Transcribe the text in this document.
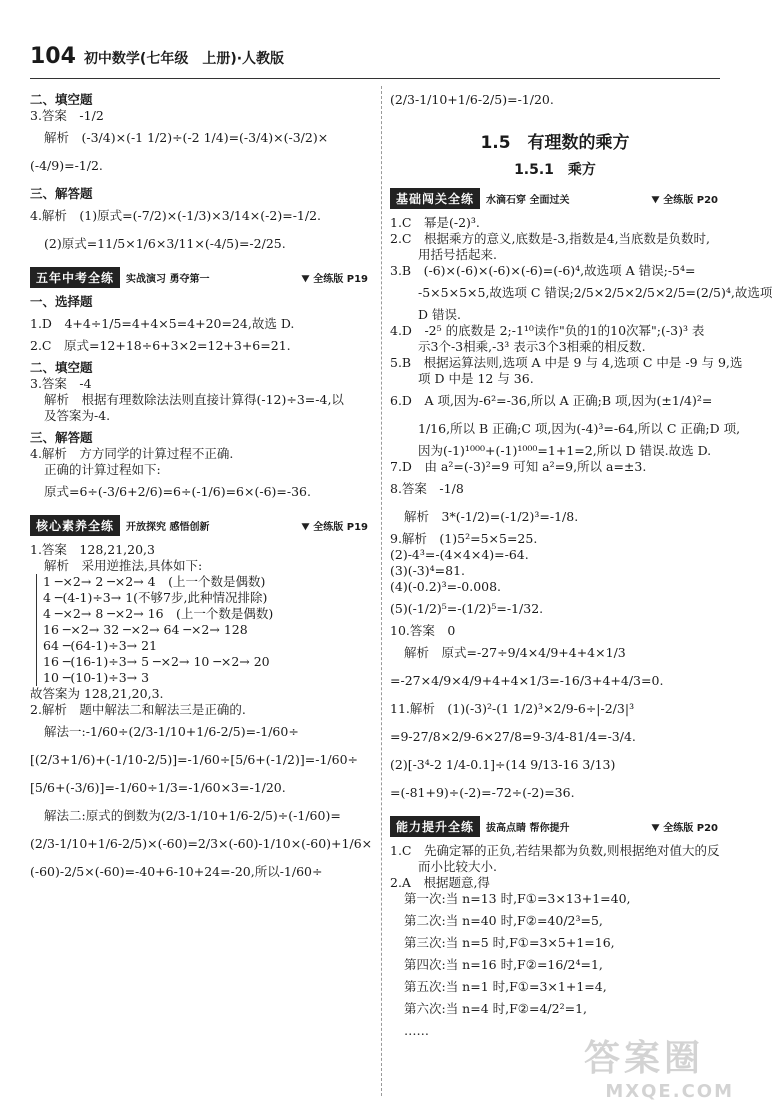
104 初中数学(七年级　上册)·人教版

二、填空题

3.答案　-1/2

解析　(-3/4)×(-1 1/2)÷(-2 1/4)=(-3/4)×(-3/2)×

(-4/9)=-1/2.

三、解答题

4.解析　(1)原式=(-7/2)×(-1/3)×3/14×(-2)=-1/2.

(2)原式=11/5×1/6×3/11×(-4/5)=-2/25.

五年中考全练	实战演习 勇夺第一	全练版 P19

一、选择题

1.D　4+4÷1/5=4+4×5=4+20=24,故选 D.

2.C　原式=12+18÷6+3×2=12+3+6=21.

二、填空题

3.答案　-4

解析　根据有理数除法法则直接计算得(-12)÷3=-4,以

及答案为-4.

三、解答题

4.解析　方方同学的计算过程不正确.

正确的计算过程如下:

原式=6÷(-3/6+2/6)=6÷(-1/6)=6×(-6)=-36.

核心素养全练	开放探究 感悟创新	全练版 P19

1.答案　128,21,20,3

解析　采用逆推法,具体如下:

1 ─×2→ 2 ─×2→ 4　(上一个数是偶数)

4 ─(4-1)÷3→ 1(不够7步,此种情况排除)

4 ─×2→ 8 ─×2→ 16　(上一个数是偶数)

16 ─×2→ 32 ─×2→ 64 ─×2→ 128

64 ─(64-1)÷3→ 21

16 ─(16-1)÷3→ 5 ─×2→ 10 ─×2→ 20

10 ─(10-1)÷3→ 3

故答案为 128,21,20,3.

2.解析　题中解法二和解法三是正确的.

解法一:-1/60÷(2/3-1/10+1/6-2/5)=-1/60÷

[(2/3+1/6)+(-1/10-2/5)]=-1/60÷[5/6+(-1/2)]=-1/60÷

[5/6+(-3/6)]=-1/60÷1/3=-1/60×3=-1/20.

解法二:原式的倒数为(2/3-1/10+1/6-2/5)÷(-1/60)=

(2/3-1/10+1/6-2/5)×(-60)=2/3×(-60)-1/10×(-60)+1/6×

(-60)-2/5×(-60)=-40+6-10+24=-20,所以-1/60÷

(2/3-1/10+1/6-2/5)=-1/20.

1.5　有理数的乘方

1.5.1　乘方

基础闯关全练	水滴石穿 全面过关	全练版 P20

1.C　幂是(-2)³.

2.C　根据乘方的意义,底数是-3,指数是4,当底数是负数时,

用括号括起来.

3.B　(-6)×(-6)×(-6)×(-6)=(-6)⁴,故选项 A 错误;-5⁴=

-5×5×5×5,故选项 C 错误;2/5×2/5×2/5×2/5=(2/5)⁴,故选项

D 错误.

4.D　-2⁵ 的底数是 2;-1¹⁰读作"负的1的10次幂";(-3)³ 表

示3个-3相乘,-3³ 表示3个3相乘的相反数.

5.B　根据运算法则,选项 A 中是 9 与 4,选项 C 中是 -9 与 9,选

项 D 中是 12 与 36.

6.D　A 项,因为-6²=-36,所以 A 正确;B 项,因为(±1/4)²=

1/16,所以 B 正确;C 项,因为(-4)³=-64,所以 C 正确;D 项,

因为(-1)¹⁰⁰⁰+(-1)¹⁰⁰⁰=1+1=2,所以 D 错误.故选 D.

7.D　由 a²=(-3)²=9 可知 a²=9,所以 a=±3.

8.答案　-1/8

解析　3*(-1/2)=(-1/2)³=-1/8.

9.解析　(1)5²=5×5=25.

(2)-4³=-(4×4×4)=-64.

(3)(-3)⁴=81.

(4)(-0.2)³=-0.008.

(5)(-1/2)⁵=-(1/2)⁵=-1/32.

10.答案　0

解析　原式=-27÷9/4×4/9+4+4×1/3

=-27×4/9×4/9+4+4×1/3=-16/3+4+4/3=0.

11.解析　(1)(-3)²-(1 1/2)³×2/9-6÷|-2/3|³

=9-27/8×2/9-6×27/8=9-3/4-81/4=-3/4.

(2)[-3⁴-2 1/4-0.1]÷(14 9/13-16 3/13)

=(-81+9)÷(-2)=-72÷(-2)=36.

能力提升全练	拔高点睛 帮你提升	全练版 P20

1.C　先确定幂的正负,若结果都为负数,则根据绝对值大的反

而小比较大小.

2.A　根据题意,得

第一次:当 n=13 时,F①=3×13+1=40,

第二次:当 n=40 时,F②=40/2³=5,

第三次:当 n=5 时,F①=3×5+1=16,

第四次:当 n=16 时,F②=16/2⁴=1,

第五次:当 n=1 时,F①=3×1+1=4,

第六次:当 n=4 时,F②=4/2²=1,

……

答案圈
MXQE.COM
